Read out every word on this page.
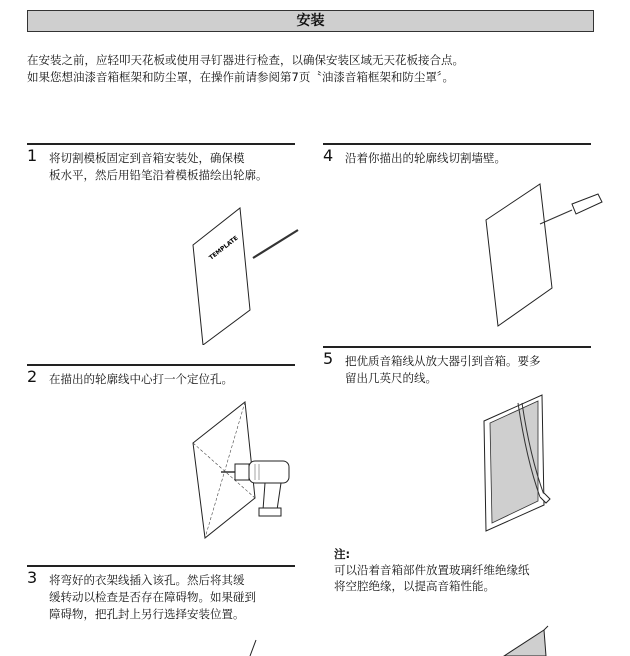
安装
在安装之前，应轻叩天花板或使用寻钉器进行检查，以确保安装区域无天花板接合点。
如果您想油漆音箱框架和防尘罩，在操作前请参阅第7页〝油漆音箱框架和防尘罩〞。
1 将切割模板固定到音箱安装处，确保模
板水平，然后用铅笔沿着模板描绘出轮廓。
TEMPLATE
2 在描出的轮廓线中心打一个定位孔。
3 将弯好的衣架线插入该孔。然后将其缓
缓转动以检查是否存在障碍物。如果碰到
障碍物，把孔封上另行选择安装位置。
4 沿着你描出的轮廓线切割墙壁。
5 把优质音箱线从放大器引到音箱。要多
留出几英尺的线。
注:
可以沿着音箱部件放置玻璃纤维绝缘纸
将空腔绝缘，以提高音箱性能。
